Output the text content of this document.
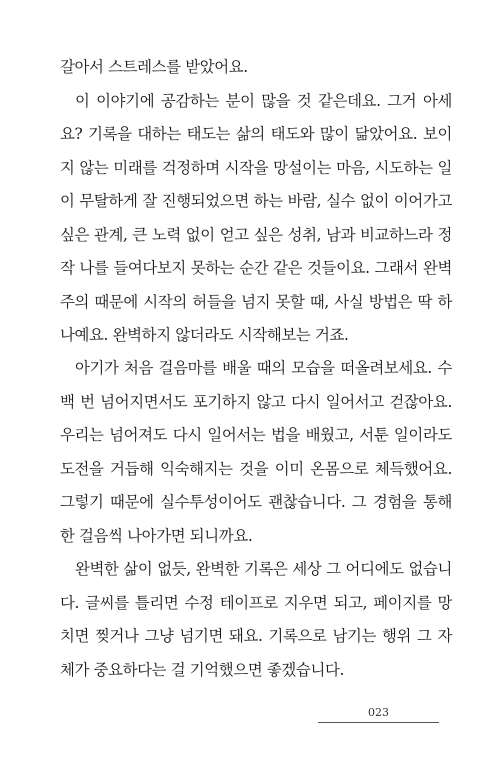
갈아서 스트레스를 받았어요.

이 이야기에 공감하는 분이 많을 것 같은데요. 그거 아세요? 기록을 대하는 태도는 삶의 태도와 많이 닮았어요. 보이지 않는 미래를 걱정하며 시작을 망설이는 마음, 시도하는 일이 무탈하게 잘 진행되었으면 하는 바람, 실수 없이 이어가고 싶은 관계, 큰 노력 없이 얻고 싶은 성취, 남과 비교하느라 정작 나를 들여다보지 못하는 순간 같은 것들이요. 그래서 완벽주의 때문에 시작의 허들을 넘지 못할 때, 사실 방법은 딱 하나예요. 완벽하지 않더라도 시작해보는 거죠.

아기가 처음 걸음마를 배울 때의 모습을 떠올려보세요. 수백 번 넘어지면서도 포기하지 않고 다시 일어서고 걷잖아요. 우리는 넘어져도 다시 일어서는 법을 배웠고, 서툰 일이라도 도전을 거듭해 익숙해지는 것을 이미 온몸으로 체득했어요. 그렇기 때문에 실수투성이어도 괜찮습니다. 그 경험을 통해 한 걸음씩 나아가면 되니까요.

완벽한 삶이 없듯, 완벽한 기록은 세상 그 어디에도 없습니다. 글씨를 틀리면 수정 테이프로 지우면 되고, 페이지를 망치면 찢거나 그냥 넘기면 돼요. 기록으로 남기는 행위 그 자체가 중요하다는 걸 기억했으면 좋겠습니다.

023
